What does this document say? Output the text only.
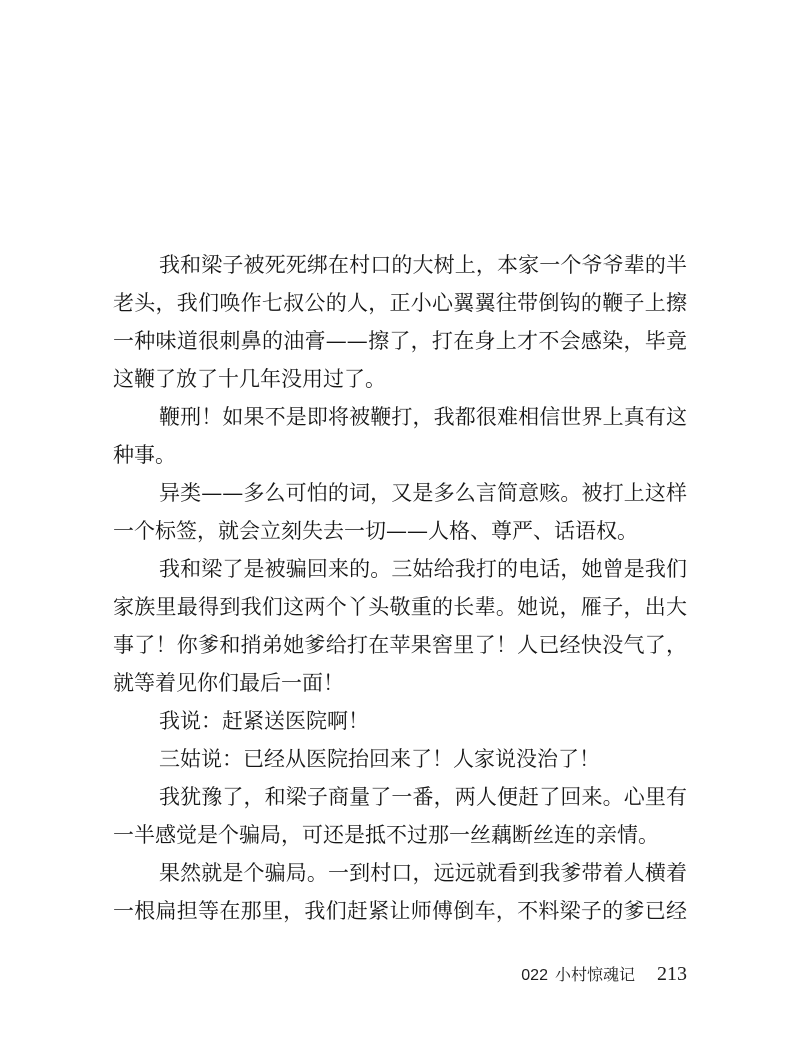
我和梁子被死死绑在村口的大树上，本家一个爷爷辈的半
老头，我们唤作七叔公的人，正小心翼翼往带倒钩的鞭子上擦
一种味道很刺鼻的油膏——擦了，打在身上才不会感染，毕竟
这鞭了放了十几年没用过了。
鞭刑！如果不是即将被鞭打，我都很难相信世界上真有这
种事。
异类——多么可怕的词，又是多么言简意赅。被打上这样
一个标签，就会立刻失去一切——人格、尊严、话语权。
我和梁了是被骗回来的。三姑给我打的电话，她曾是我们
家族里最得到我们这两个丫头敬重的长辈。她说，雁子，出大
事了！你爹和捎弟她爹给打在苹果窖里了！人已经快没气了，
就等着见你们最后一面！
我说：赶紧送医院啊！
三姑说：已经从医院抬回来了！人家说没治了！
我犹豫了，和梁子商量了一番，两人便赶了回来。心里有
一半感觉是个骗局，可还是抵不过那一丝藕断丝连的亲情。
果然就是个骗局。一到村口，远远就看到我爹带着人横着
一根扁担等在那里，我们赶紧让师傅倒车，不料梁子的爹已经
022 小村惊魂记 213
